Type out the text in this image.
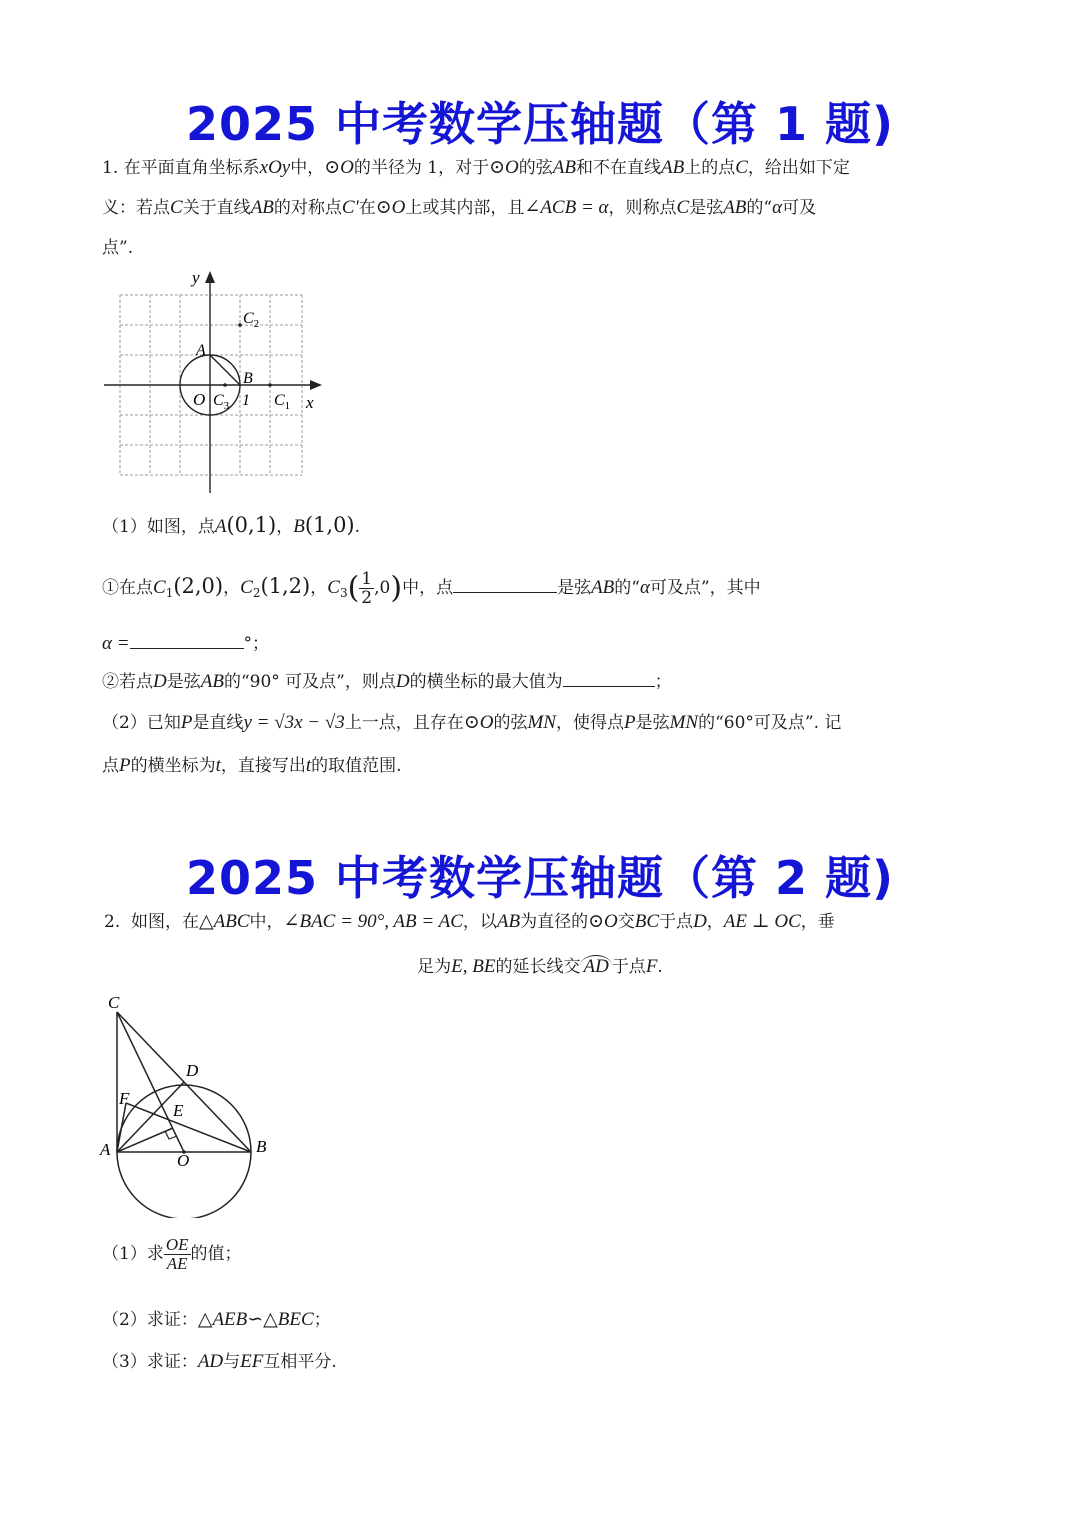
2025 中考数学压轴题（第 1 题)
1. 在平面直角坐标系xOy中，⊙O的半径为 1，对于⊙O的弦AB和不在直线AB上的点C，给出如下定
义：若点C关于直线AB的对称点C′在⊙O上或其内部，且∠ACB = α，则称点C是弦AB的“α可及
点”.
y
x
A
B
O 1 $C_1$
$C_2$
$C_3$
（1）如图，点A(0,1)，B(1,0).
①在点$C_1(2,0)$，$C_2(1,2)$，$C_3( \frac{1}{2} ,0)$中，点	是弦AB的“α可及点”，其中
α =	°；
②若点D是弦AB的“90° 可及点”，则点D的横坐标的最大值为	；
（2）已知P是直线y = √3x − √3上一点，且存在⊙O的弦MN，使得点P是弦MN的“60°可及点”. 记
点P的横坐标为t，直接写出t的取值范围.
2025 中考数学压轴题（第 2 题)
2. 如图，在△ABC中，∠BAC = 90°, AB = AC，以AB为直径的⊙O交BC于点D，AE ⊥ OC，垂
足为E, BE的延长线交 AD 于点F.
C
D
F
E
A
O
B
（1）求 $\frac{OE}{AE}$ 的值；
（2）求证：△AEB∽△BEC；
（3）求证：AD与EF互相平分.
